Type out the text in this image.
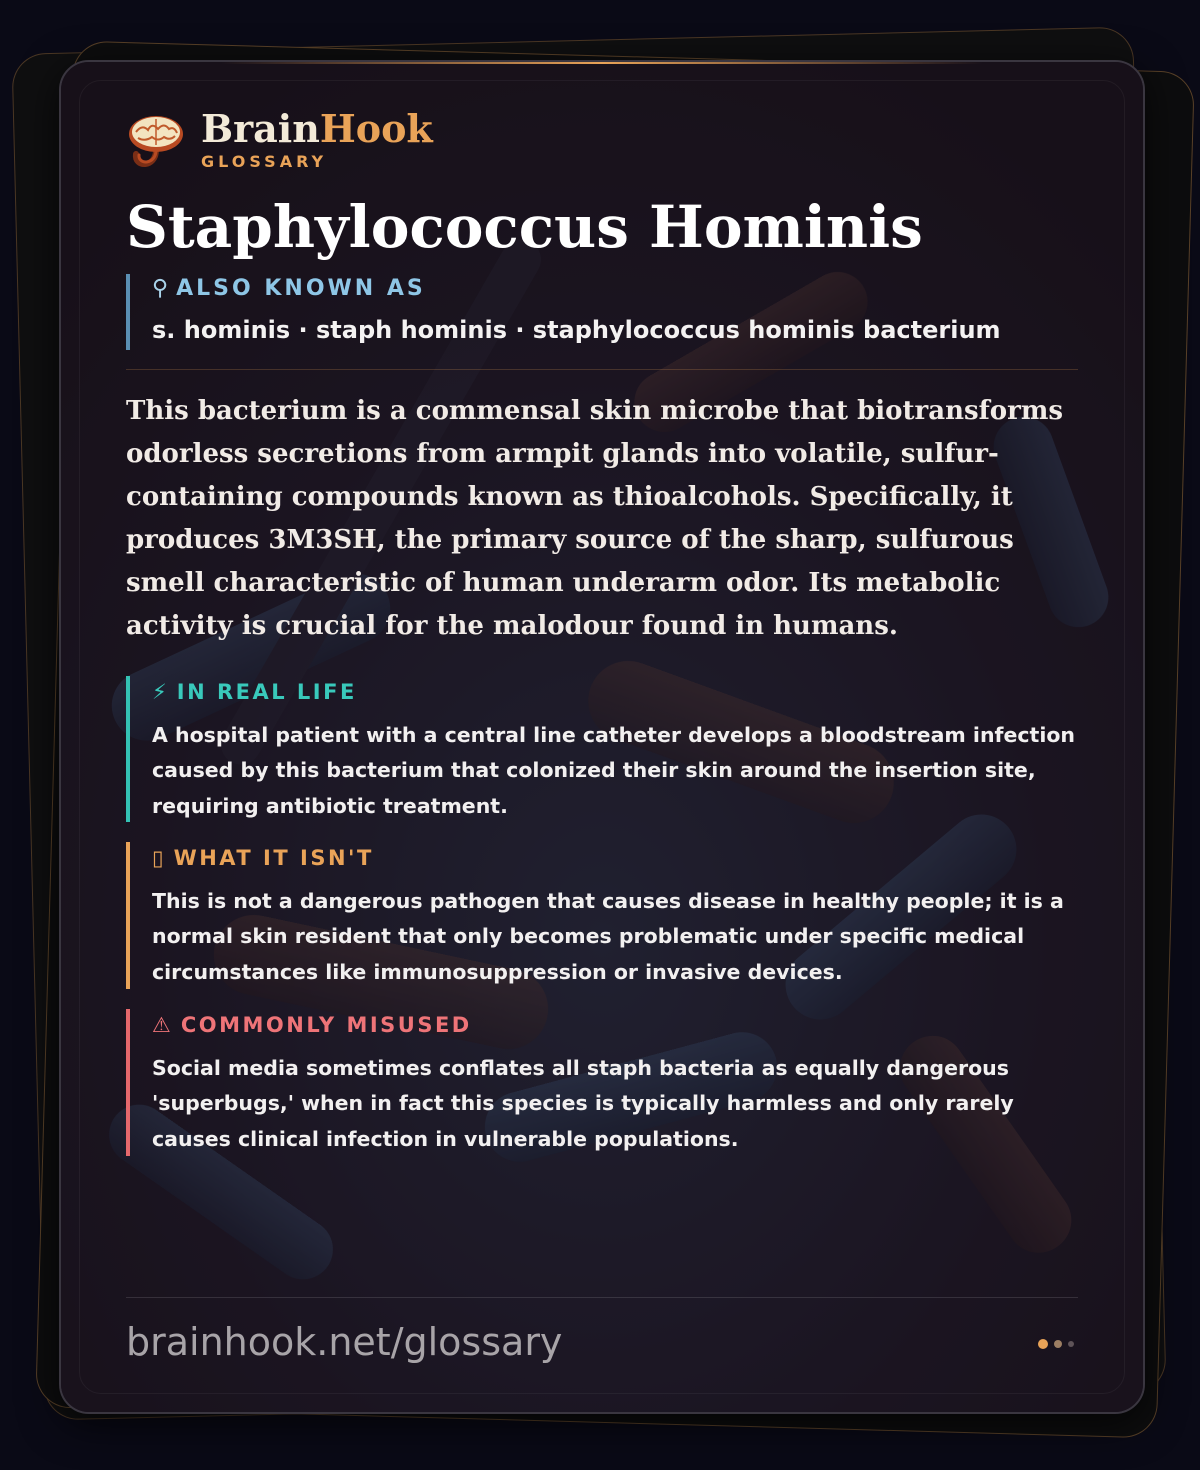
BrainHook
GLOSSARY
Staphylococcus Hominis
⚲ ALSO KNOWN AS
s. hominis · staph hominis · staphylococcus hominis bacterium
This bacterium is a commensal skin microbe that biotransforms odorless secretions from armpit glands into volatile, sulfur-containing compounds known as thioalcohols. Specifically, it produces 3M3SH, the primary source of the sharp, sulfurous smell characteristic of human underarm odor. Its metabolic activity is crucial for the malodour found in humans.
⚡ IN REAL LIFE
A hospital patient with a central line catheter develops a bloodstream infection caused by this bacterium that colonized their skin around the insertion site, requiring antibiotic treatment.
▯ WHAT IT ISN'T
This is not a dangerous pathogen that causes disease in healthy people; it is a normal skin resident that only becomes problematic under specific medical circumstances like immunosuppression or invasive devices.
⚠ COMMONLY MISUSED
Social media sometimes conflates all staph bacteria as equally dangerous 'superbugs,' when in fact this species is typically harmless and only rarely causes clinical infection in vulnerable populations.
brainhook.net/glossary
